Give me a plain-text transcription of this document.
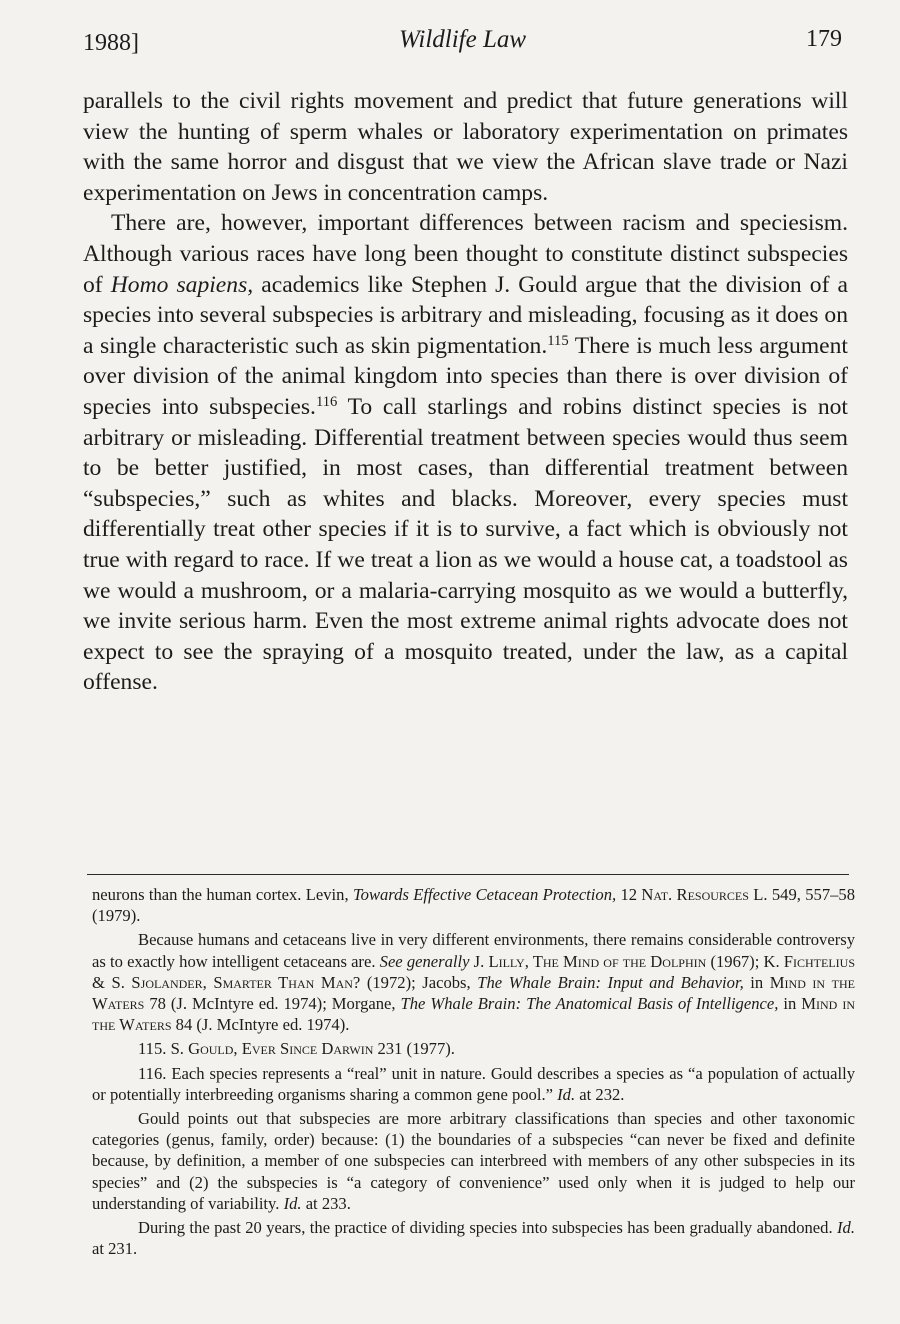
1988]	Wildlife Law	179

parallels to the civil rights movement and predict that future generations will view the hunting of sperm whales or laboratory experimentation on primates with the same horror and disgust that we view the African slave trade or Nazi experimentation on Jews in concentration camps.

There are, however, important differences between racism and speciesism. Although various races have long been thought to constitute distinct subspecies of Homo sapiens, academics like Stephen J. Gould argue that the division of a species into several subspecies is arbitrary and misleading, focusing as it does on a single characteristic such as skin pigmentation.$^{115}$ There is much less argument over division of the animal kingdom into species than there is over division of species into subspecies.$^{116}$ To call starlings and robins distinct species is not arbitrary or misleading. Differential treatment between species would thus seem to be better justified, in most cases, than differential treatment between “subspecies,” such as whites and blacks. Moreover, every species must differentially treat other species if it is to survive, a fact which is obviously not true with regard to race. If we treat a lion as we would a house cat, a toadstool as we would a mushroom, or a malaria-carrying mosquito as we would a butterfly, we invite serious harm. Even the most extreme animal rights advocate does not expect to see the spraying of a mosquito treated, under the law, as a capital offense.

neurons than the human cortex. Levin, Towards Effective Cetacean Protection, 12 Nat. Resources L. 549, 557–58 (1979).

Because humans and cetaceans live in very different environments, there remains considerable controversy as to exactly how intelligent cetaceans are. See generally J. Lilly, The Mind of the Dolphin (1967); K. Fichtelius & S. Sjolander, Smarter Than Man? (1972); Jacobs, The Whale Brain: Input and Behavior, in Mind in the Waters 78 (J. McIntyre ed. 1974); Morgane, The Whale Brain: The Anatomical Basis of Intelligence, in Mind in the Waters 84 (J. McIntyre ed. 1974).

115. S. Gould, Ever Since Darwin 231 (1977).

116. Each species represents a “real” unit in nature. Gould describes a species as “a population of actually or potentially interbreeding organisms sharing a common gene pool.” Id. at 232.

Gould points out that subspecies are more arbitrary classifications than species and other taxonomic categories (genus, family, order) because: (1) the boundaries of a subspecies “can never be fixed and definite because, by definition, a member of one subspecies can interbreed with members of any other subspecies in its species” and (2) the subspecies is “a category of convenience” used only when it is judged to help our understanding of variability. Id. at 233.

During the past 20 years, the practice of dividing species into subspecies has been gradually abandoned. Id. at 231.
